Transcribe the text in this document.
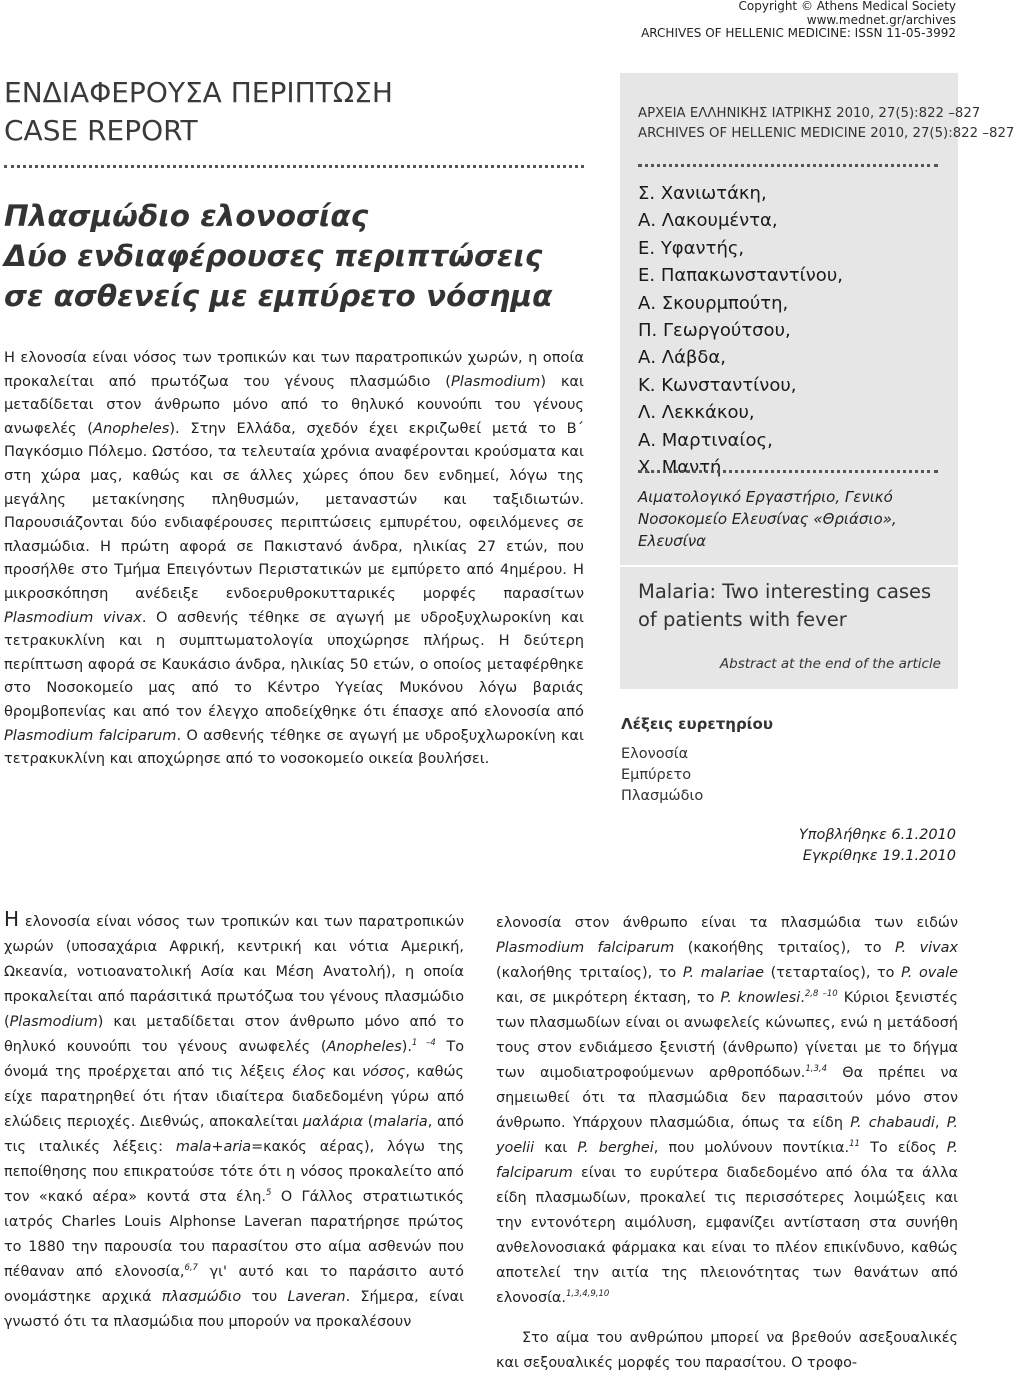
Copyright © Athens Medical Society
www.mednet.gr/archives
ARCHIVES OF HELLENIC MEDICINE: ISSN 11-05-3992
ΕΝΔΙΑΦΕΡΟΥΣΑ ΠΕΡΙΠΤΩΣΗ
CASE REPORT
Πλασμώδιο ελονοσίας
Δύο ενδιαφέρουσες περιπτώσεις
σε ασθενείς με εμπύρετο νόσημα

Η ελονοσία είναι νόσος των τροπικών και των παρατροπικών χωρών, η οποία προκαλείται από πρωτόζωα του γένους πλασμώδιο (Plasmodium) και μεταδίδεται στον άνθρωπο μόνο από το θηλυκό κουνούπι του γένους ανωφελές (Anopheles). Στην Ελλάδα, σχεδόν έχει εκριζωθεί μετά το Β΄ Παγκόσμιο Πόλεμο. Ωστόσο, τα τελευταία χρόνια αναφέρονται κρούσματα και στη χώρα μας, καθώς και σε άλλες χώρες όπου δεν ενδημεί, λόγω της μεγάλης μετακίνησης πληθυσμών, μεταναστών και ταξιδιωτών. Παρουσιάζονται δύο ενδιαφέρουσες περιπτώσεις εμπυρέτου, οφειλόμενες σε πλασμώδια. Η πρώτη αφορά σε Πακιστανό άνδρα, ηλικίας 27 ετών, που προσήλθε στο Τμήμα Επειγόντων Περιστατικών με εμπύρετο από 4ημέρου. Η μικροσκόπηση ανέδειξε ενδοερυθροκυτταρικές μορφές παρασίτων Plasmodium vivax. Ο ασθενής τέθηκε σε αγωγή με υδροξυχλωροκίνη και τετρακυκλίνη και η συμπτωματολογία υποχώρησε πλήρως. Η δεύτερη περίπτωση αφορά σε Καυκάσιο άνδρα, ηλικίας 50 ετών, ο οποίος μεταφέρθηκε στο Νοσοκομείο μας από το Κέντρο Υγείας Μυκόνου λόγω βαριάς θρομβοπενίας και από τον έλεγχο αποδείχθηκε ότι έπασχε από ελονοσία από Plasmodium falciparum. Ο ασθενής τέθηκε σε αγωγή με υδροξυχλωροκίνη και τετρακυκλίνη και αποχώρησε από το νοσοκομείο οικεία βουλήσει.

ΑΡΧΕΙΑ ΕΛΛΗΝΙΚΗΣ ΙΑΤΡΙΚΗΣ 2010, 27(5):822 –827
ARCHIVES OF HELLENIC MEDICINE 2010, 27(5):822 –827
Σ. Χανιωτάκη,
Α. Λακουμέντα,
Ε. Υφαντής,
Ε. Παπακωνσταντίνου,
Α. Σκουρμπούτη,
Π. Γεωργούτσου,
Α. Λάβδα,
Κ. Κωνσταντίνου,
Λ. Λεκκάκου,
Α. Μαρτιναίος,
Χ. Μαντή
Αιματολογικό Εργαστήριο, Γενικό Νοσοκομείο Ελευσίνας «Θριάσιο», Ελευσίνα
Malaria: Two interesting cases of patients with fever
Abstract at the end of the article
Λέξεις ευρετηρίου
Ελονοσία
Εμπύρετο
Πλασμώδιο
Υποβλήθηκε 6.1.2010
Εγκρίθηκε 19.1.2010

Η ελονοσία είναι νόσος των τροπικών και των παρατροπικών χωρών (υποσαχάρια Αφρική, κεντρική και νότια Αμερική, Ωκεανία, νοτιοανατολική Ασία και Μέση Ανατολή), η οποία προκαλείται από παράσιτικά πρωτόζωα του γένους πλασμώδιο (Plasmodium) και μεταδίδεται στον άνθρωπο μόνο από το θηλυκό κουνούπι του γένους ανωφελές (Anopheles).$^{1 -4}$ Το όνομά της προέρχεται από τις λέξεις έλος και νόσος, καθώς είχε παρατηρηθεί ότι ήταν ιδιαίτερα διαδεδομένη γύρω από ελώδεις περιοχές. Διεθνώς, αποκαλείται μαλάρια (malaria, από τις ιταλικές λέξεις: mala+aria=κακός αέρας), λόγω της πεποίθησης που επικρατούσε τότε ότι η νόσος προκαλείτο από τον «κακό αέρα» κοντά στα έλη.$^5$ Ο Γάλλος στρατιωτικός ιατρός Charles Louis Alphonse Laveran παρατήρησε πρώτος το 1880 την παρουσία του παρασίτου στο αίμα ασθενών που πέθαναν από ελονοσία,$^{6,7}$ γι' αυτό και το παράσιτο αυτό ονομάστηκε αρχικά πλασμώδιο του Laveran. Σήμερα, είναι γνωστό ότι τα πλασμώδια που μπορούν να προκαλέσουν

ελονοσία στον άνθρωπο είναι τα πλασμώδια των ειδών Plasmodium falciparum (κακοήθης τριταίος), το P. vivax (καλοήθης τριταίος), το P. malariae (τεταρταίος), το P. ovale και, σε μικρότερη έκταση, το P. knowlesi.$^{2,8 -10}$ Κύριοι ξενιστές των πλασμωδίων είναι οι ανωφελείς κώνωπες, ενώ η μετάδοσή τους στον ενδιάμεσο ξενιστή (άνθρωπο) γίνεται με το δήγμα των αιμοδιατροφούμενων αρθροπόδων.$^{1,3,4}$ Θα πρέπει να σημειωθεί ότι τα πλασμώδια δεν παρασιτούν μόνο στον άνθρωπο. Υπάρχουν πλασμώδια, όπως τα είδη P. chabaudi, P. yoelii και P. berghei, που μολύνουν ποντίκια.$^{11}$ Το είδος P. falciparum είναι το ευρύτερα διαδεδομένο από όλα τα άλλα είδη πλασμωδίων, προκαλεί τις περισσότερες λοιμώξεις και την εντονότερη αιμόλυση, εμφανίζει αντίσταση στα συνήθη ανθελονοσιακά φάρμακα και είναι το πλέον επικίνδυνο, καθώς αποτελεί την αιτία της πλειονότητας των θανάτων από ελονοσία.$^{1,3,4,9,10}$

Στο αίμα του ανθρώπου μπορεί να βρεθούν ασεξουαλικές και σεξουαλικές μορφές του παρασίτου. Ο τροφο-
